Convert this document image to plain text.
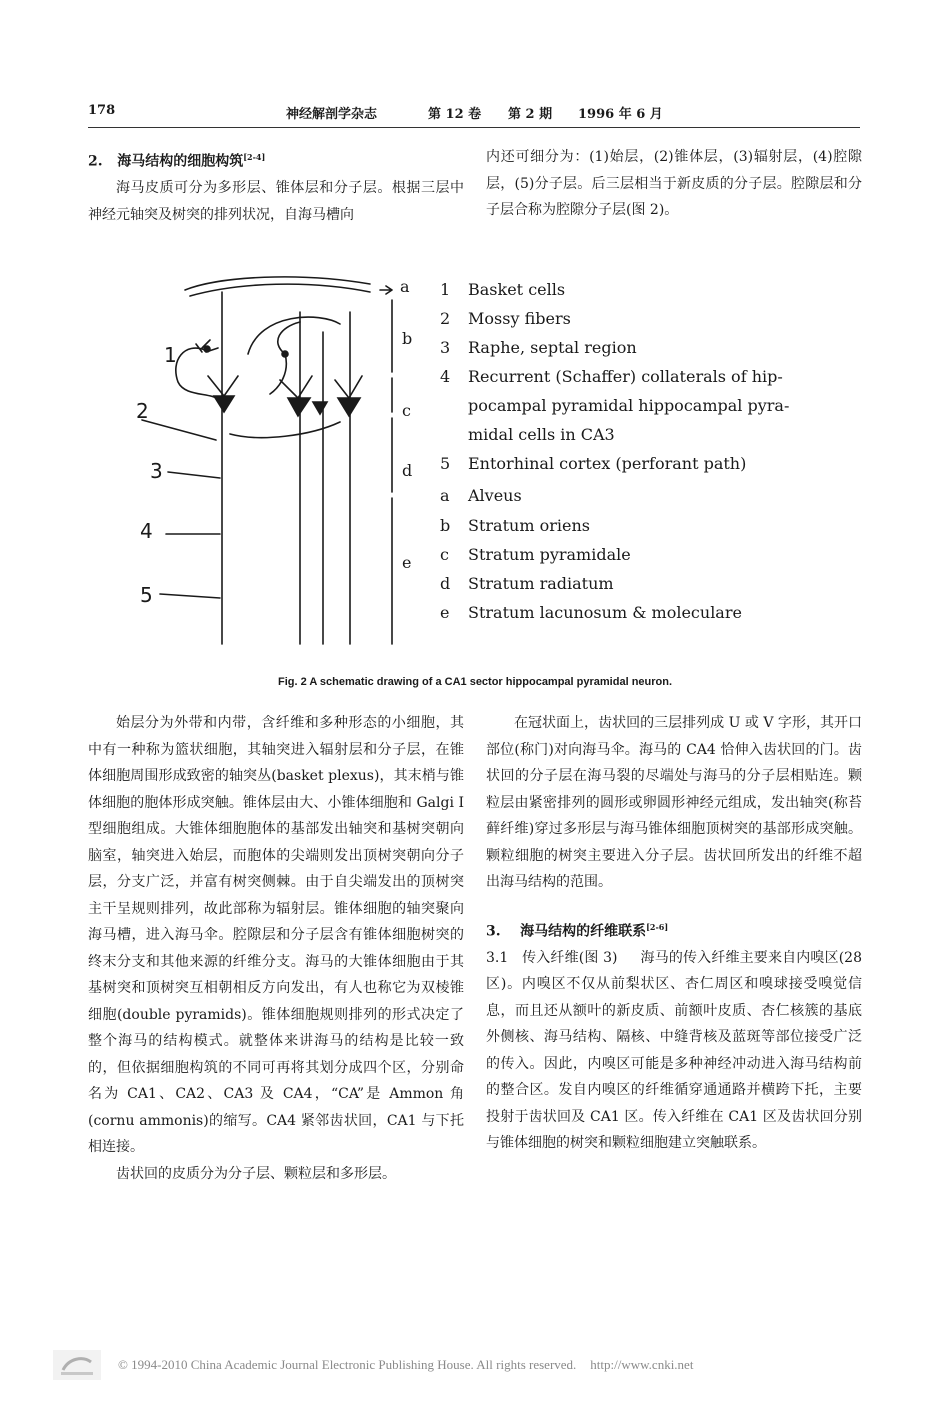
178	神经解剖学杂志	第 12 卷 第 2 期 1996 年 6 月

2. 海马结构的细胞构筑[2-4]

海马皮质可分为多形层、锥体层和分子层。根据三层中神经元轴突及树突的排列状况，自海马槽向

内还可细分为：(1)始层，(2)锥体层，(3)辐射层，(4)腔隙层，(5)分子层。后三层相当于新皮质的分子层。腔隙层和分子层合称为腔隙分子层(图 2)。
a
b
c
d
e
1
2
3
4
5
1	Basket cells
2	Mossy fibers
3	Raphe, septal region
4	Recurrent (Schaffer) collaterals of hip-
pocampal pyramidal hippocampal pyra-
midal cells in CA3
5	Entorhinal cortex (perforant path)
a	Alveus
b	Stratum oriens
c	Stratum pyramidale
d	Stratum radiatum
e	Stratum lacunosum & moleculare
Fig. 2 A schematic drawing of a CA1 sector hippocampal pyramidal neuron.

始层分为外带和内带，含纤维和多种形态的小细胞，其中有一种称为篮状细胞，其轴突进入辐射层和分子层，在锥体细胞周围形成致密的轴突丛(basket plexus)，其末梢与锥体细胞的胞体形成突触。锥体层由大、小锥体细胞和 Galgi Ⅰ 型细胞组成。大锥体细胞胞体的基部发出轴突和基树突朝向脑室，轴突进入始层，而胞体的尖端则发出顶树突朝向分子层，分支广泛，并富有树突侧棘。由于自尖端发出的顶树突主干呈规则排列，故此部称为辐射层。锥体细胞的轴突聚向海马槽，进入海马伞。腔隙层和分子层含有锥体细胞树突的终末分支和其他来源的纤维分支。海马的大锥体细胞由于其基树突和顶树突互相朝相反方向发出，有人也称它为双棱锥细胞(double pyramids)。锥体细胞规则排列的形式决定了整个海马的结构模式。就整体来讲海马的结构是比较一致的，但依据细胞构筑的不同可再将其划分成四个区，分别命名为 CA1、CA2、CA3 及 CA4，“CA”是 Ammon 角(cornu ammonis)的缩写。CA4 紧邻齿状回，CA1 与下托相连接。

齿状回的皮质分为分子层、颗粒层和多形层。

在冠状面上，齿状回的三层排列成 U 或 V 字形，其开口部位(称门)对向海马伞。海马的 CA4 恰伸入齿状回的门。齿状回的分子层在海马裂的尽端处与海马的分子层相贴连。颗粒层由紧密排列的圆形或卵圆形神经元组成，发出轴突(称苔藓纤维)穿过多形层与海马锥体细胞顶树突的基部形成突触。颗粒细胞的树突主要进入分子层。齿状回所发出的纤维不超出海马结构的范围。

3. 海马结构的纤维联系[2-6]

3.1 传入纤维(图 3) 海马的传入纤维主要来自内嗅区(28 区)。内嗅区不仅从前梨状区、杏仁周区和嗅球接受嗅觉信息，而且还从额叶的新皮质、前额叶皮质、杏仁核簇的基底外侧核、海马结构、隔核、中缝背核及蓝斑等部位接受广泛的传入。因此，内嗅区可能是多种神经冲动进入海马结构前的整合区。发自内嗅区的纤维循穿通通路并横跨下托，主要投射于齿状回及 CA1 区。传入纤维在 CA1 区及齿状回分别与锥体细胞的树突和颗粒细胞建立突触联系。

© 1994-2010 China Academic Journal Electronic Publishing House. All rights reserved. http://www.cnki.net
